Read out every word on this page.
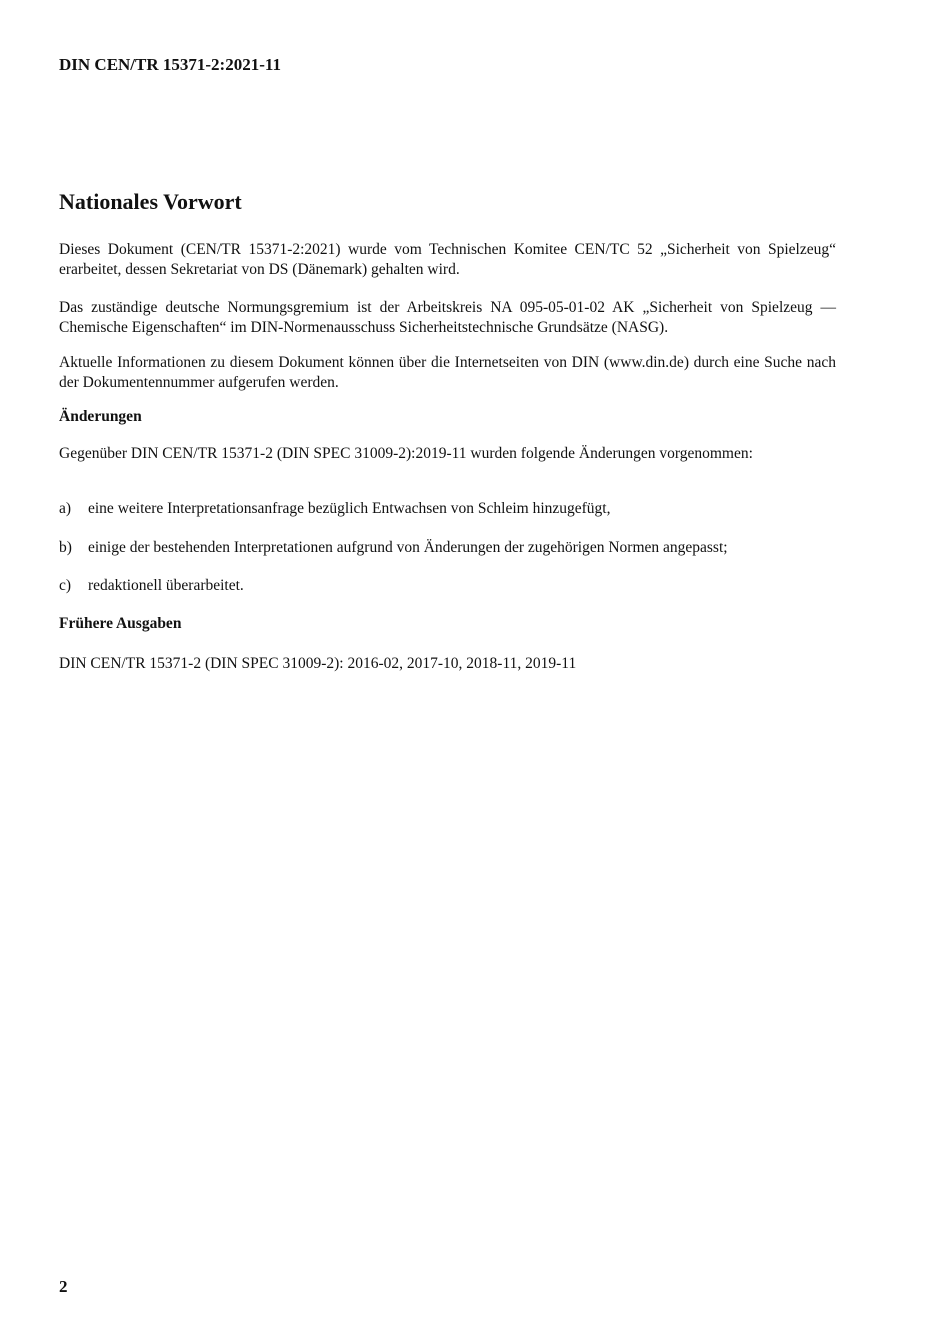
DIN CEN/TR 15371-2:2021-11
Nationales Vorwort
Dieses Dokument (CEN/TR 15371-2:2021) wurde vom Technischen Komitee CEN/TC 52 „Sicherheit von Spielzeug“ erarbeitet, dessen Sekretariat von DS (Dänemark) gehalten wird.
Das zuständige deutsche Normungsgremium ist der Arbeitskreis NA 095-05-01-02 AK „Sicherheit von Spielzeug — Chemische Eigenschaften“ im DIN-Normenausschuss Sicherheitstechnische Grundsätze (NASG).
Aktuelle Informationen zu diesem Dokument können über die Internetseiten von DIN (www.din.de) durch eine Suche nach der Dokumentennummer aufgerufen werden.
Änderungen
Gegenüber DIN CEN/TR 15371-2 (DIN SPEC 31009-2):2019-11 wurden folgende Änderungen vorgenommen:
a)	eine weitere Interpretationsanfrage bezüglich Entwachsen von Schleim hinzugefügt,
b)	einige der bestehenden Interpretationen aufgrund von Änderungen der zugehörigen Normen angepasst;
c)	redaktionell überarbeitet.
Frühere Ausgaben
DIN CEN/TR 15371-2 (DIN SPEC 31009-2): 2016-02, 2017-10, 2018-11, 2019-11
2
